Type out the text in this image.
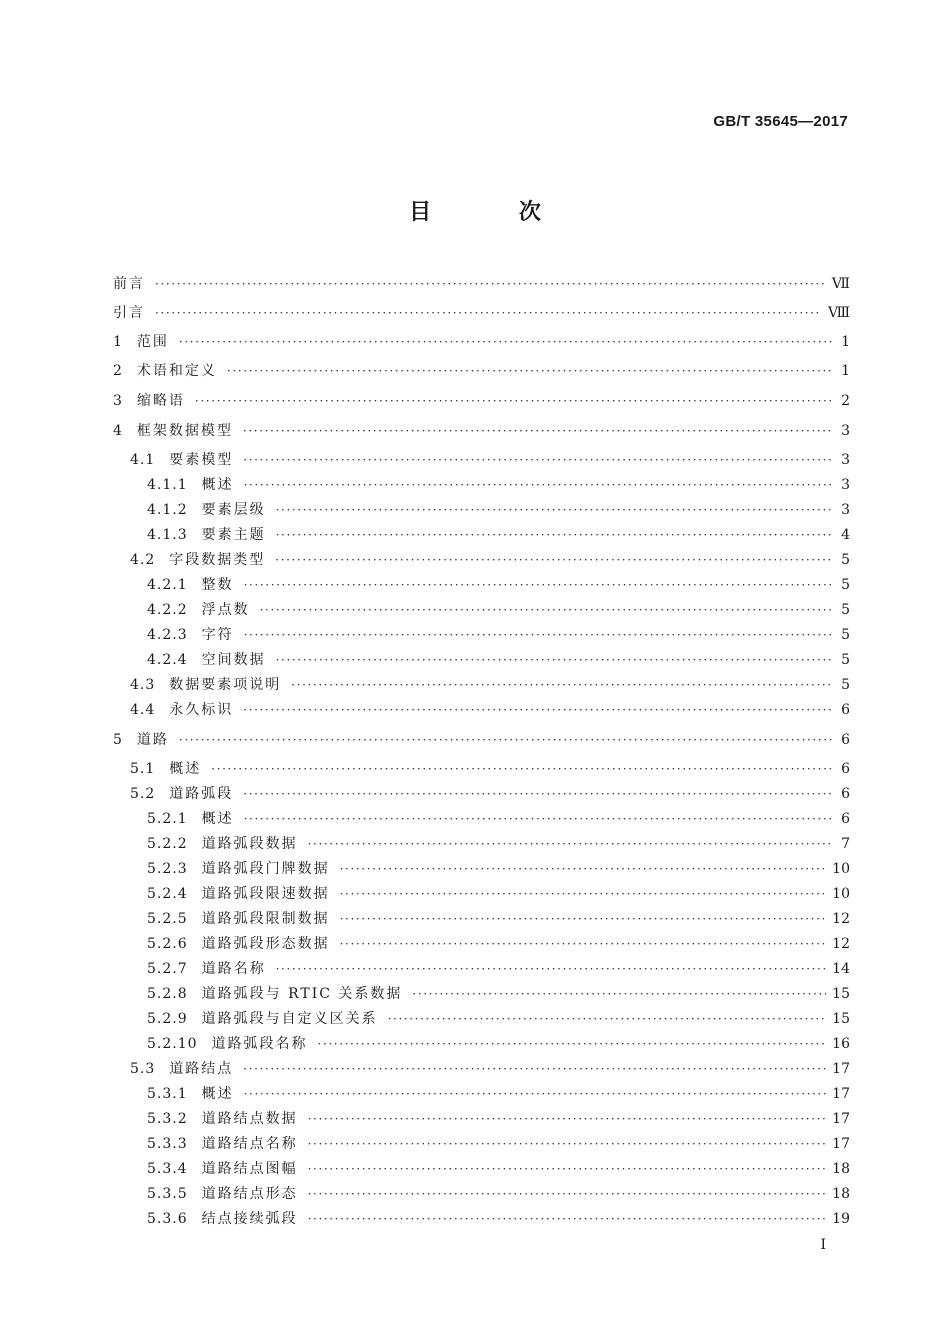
GB/T 35645—2017
目 次
前言 ·····	Ⅶ
引言 ·····	Ⅷ
1 范围 ·····	1
2 术语和定义 ·····	1
3 缩略语 ·····	2
4 框架数据模型 ·····	3
4.1 要素模型 ·····	3
4.1.1 概述 ·····	3
4.1.2 要素层级 ·····	3
4.1.3 要素主题 ·····	4
4.2 字段数据类型 ·····	5
4.2.1 整数 ·····	5
4.2.2 浮点数 ·····	5
4.2.3 字符 ·····	5
4.2.4 空间数据 ·····	5
4.3 数据要素项说明 ·····	5
4.4 永久标识 ·····	6
5 道路 ·····	6
5.1 概述 ·····	6
5.2 道路弧段 ·····	6
5.2.1 概述 ·····	6
5.2.2 道路弧段数据 ·····	7
5.2.3 道路弧段门牌数据 ·····	10
5.2.4 道路弧段限速数据 ·····	10
5.2.5 道路弧段限制数据 ·····	12
5.2.6 道路弧段形态数据 ·····	12
5.2.7 道路名称 ·····	14
5.2.8 道路弧段与 RTIC 关系数据 ·····	15
5.2.9 道路弧段与自定义区关系 ·····	15
5.2.10 道路弧段名称 ·····	16
5.3 道路结点 ·····	17
5.3.1 概述 ·····	17
5.3.2 道路结点数据 ·····	17
5.3.3 道路结点名称 ·····	17
5.3.4 道路结点图幅 ·····	18
5.3.5 道路结点形态 ·····	18
5.3.6 结点接续弧段 ·····	19
I
